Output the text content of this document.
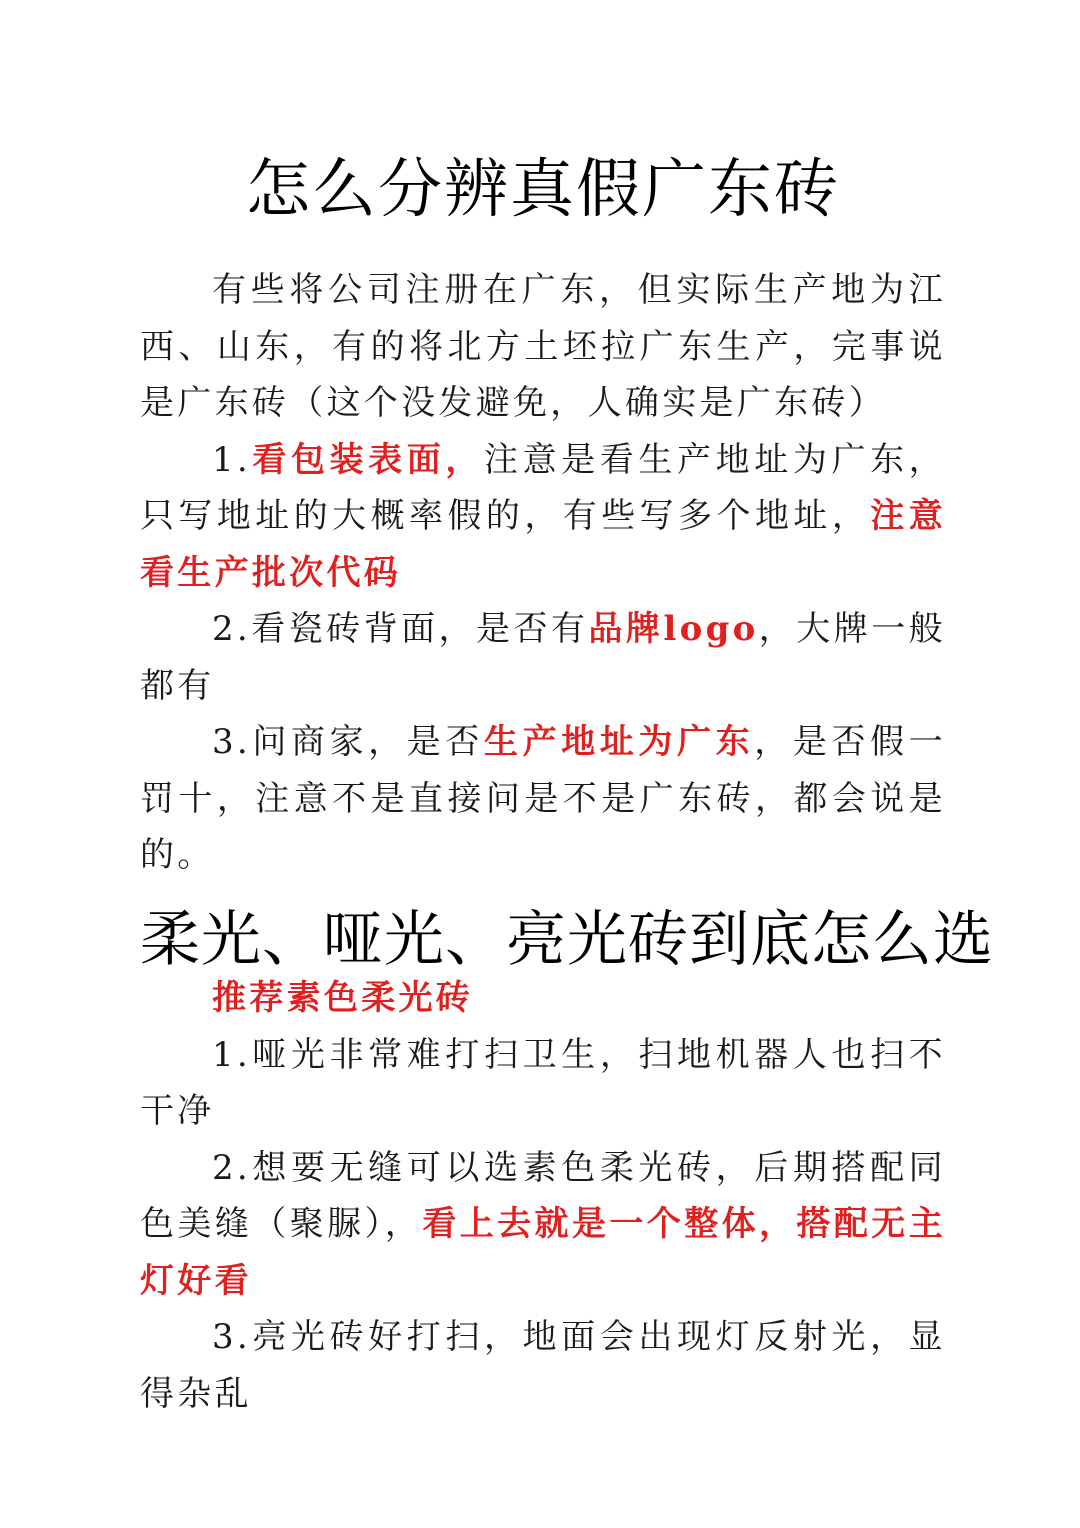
怎么分辨真假广东砖

有些将公司注册在广东，但实际生产地为江西、山东，有的将北方土坯拉广东生产，完事说是广东砖（这个没发避免，人确实是广东砖）

1.看包装表面，注意是看生产地址为广东，只写地址的大概率假的，有些写多个地址，注意看生产批次代码

2.看瓷砖背面，是否有品牌logo，大牌一般都有

3.问商家，是否生产地址为广东，是否假一罚十，注意不是直接问是不是广东砖，都会说是的。

柔光、哑光、亮光砖到底怎么选

推荐素色柔光砖

1.哑光非常难打扫卫生，扫地机器人也扫不干净

2.想要无缝可以选素色柔光砖，后期搭配同色美缝（聚脲），看上去就是一个整体，搭配无主灯好看

3.亮光砖好打扫，地面会出现灯反射光，显得杂乱
